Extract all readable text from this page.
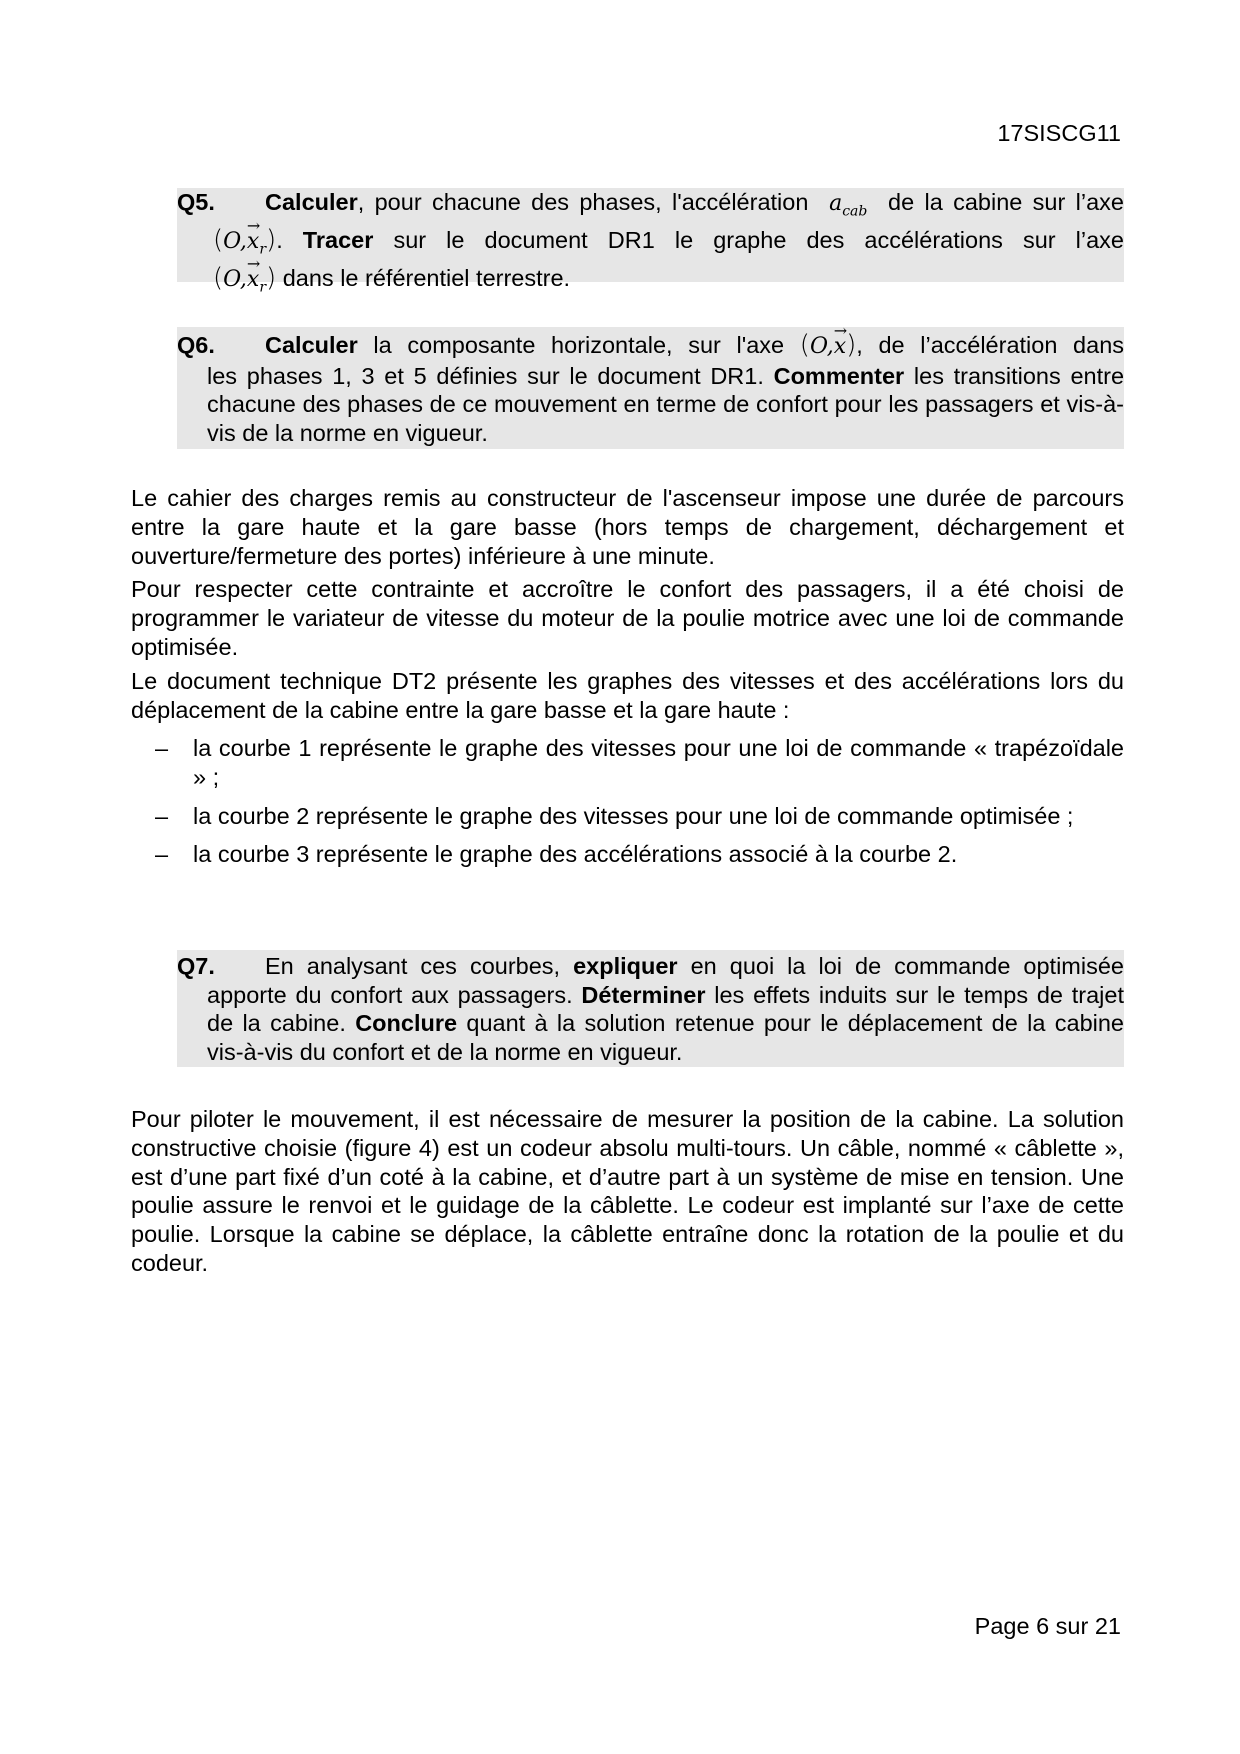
17SISCG11
Q5.	Calculer, pour chacune des phases, l'accélération $a_{cab}$ de la cabine sur l’axe
$(O,\to x_r)$. Tracer sur le document DR1 le graphe des accélérations sur l’axe
$(O,\to x_r)$ dans le référentiel terrestre.
Q6.	Calculer la composante horizontale, sur l'axe (O,→ x), de l’accélération dans
les phases 1, 3 et 5 définies sur le document DR1. Commenter les transitions entre chacune des phases de ce mouvement en terme de confort pour les passagers et vis-à-vis de la norme en vigueur.
Le cahier des charges remis au constructeur de l'ascenseur impose une durée de parcours entre la gare haute et la gare basse (hors temps de chargement, déchargement et ouverture/fermeture des portes) inférieure à une minute.
Pour respecter cette contrainte et accroître le confort des passagers, il a été choisi de programmer le variateur de vitesse du moteur de la poulie motrice avec une loi de commande optimisée.
Le document technique DT2 présente les graphes des vitesses et des accélérations lors du déplacement de la cabine entre la gare basse et la gare haute :
–	la courbe 1 représente le graphe des vitesses pour une loi de commande « trapézoïdale » ;
–	la courbe 2 représente le graphe des vitesses pour une loi de commande optimisée ;
–	la courbe 3 représente le graphe des accélérations associé à la courbe 2.
Q7.	En analysant ces courbes, expliquer en quoi la loi de commande optimisée
apporte du confort aux passagers. Déterminer les effets induits sur le temps de trajet de la cabine. Conclure quant à la solution retenue pour le déplacement de la cabine vis-à-vis du confort et de la norme en vigueur.
Pour piloter le mouvement, il est nécessaire de mesurer la position de la cabine. La solution constructive choisie (figure 4) est un codeur absolu multi-tours. Un câble, nommé « câblette », est d’une part fixé d’un coté à la cabine, et d’autre part à un système de mise en tension. Une poulie assure le renvoi et le guidage de la câblette. Le codeur est implanté sur l’axe de cette poulie. Lorsque la cabine se déplace, la câblette entraîne donc la rotation de la poulie et du codeur.
Page 6 sur 21
